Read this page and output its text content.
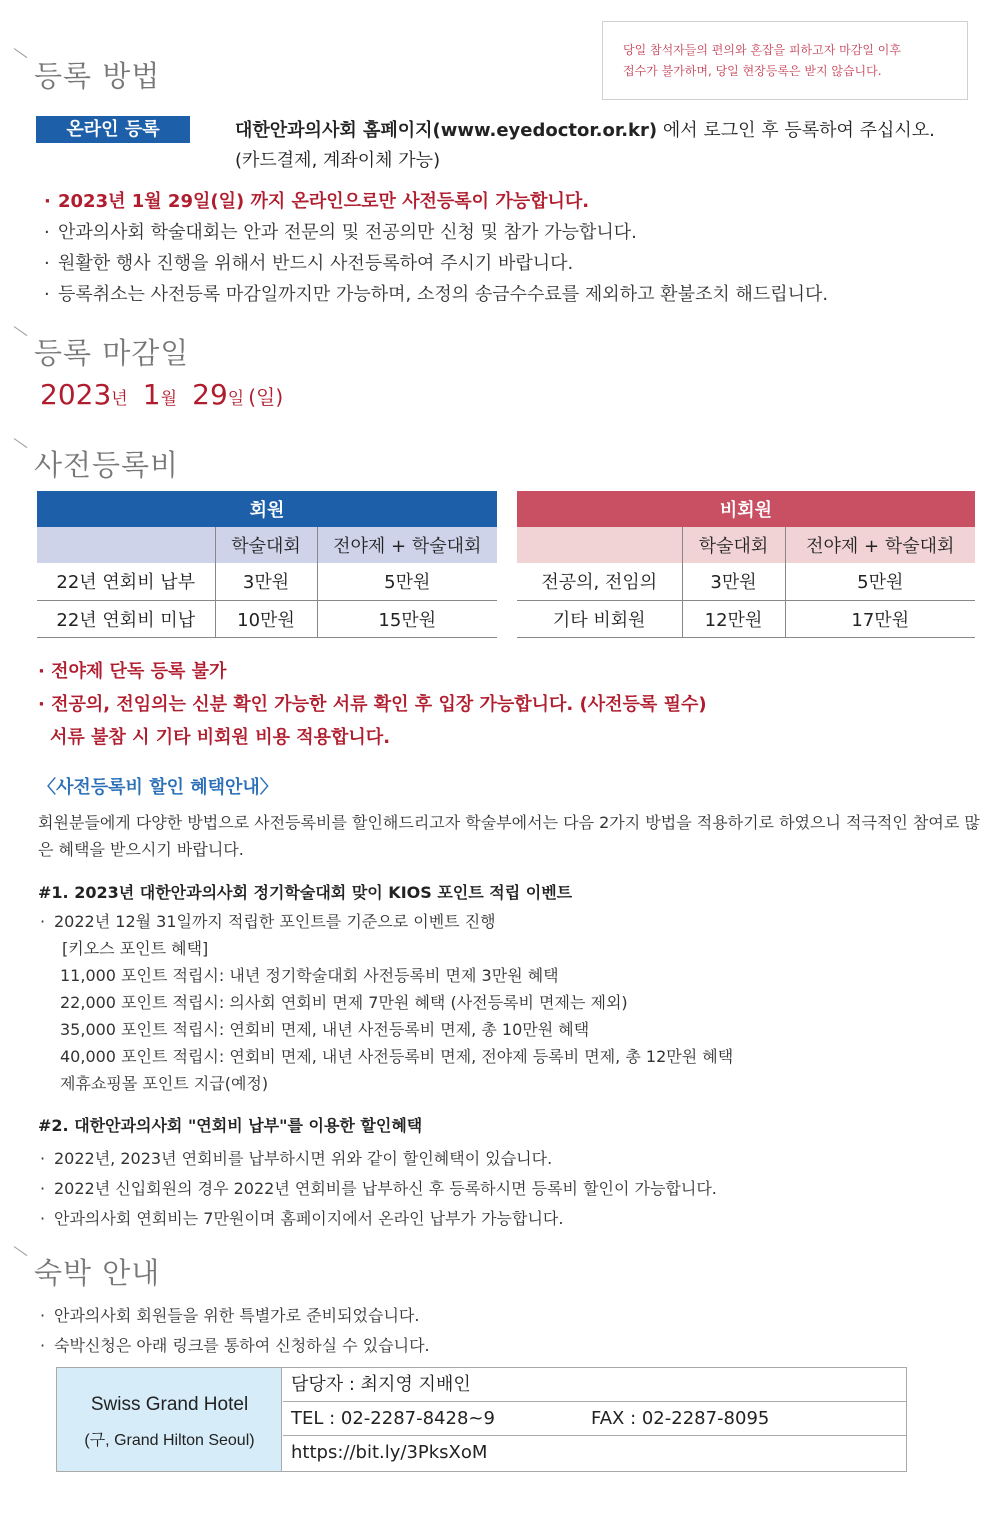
당일 참석자들의 편의와 혼잡을 피하고자 마감일 이후
접수가 불가하며, 당일 현장등록은 받지 않습니다.
등록 방법
온라인 등록	대한안과의사회 홈페이지(www.eyedoctor.or.kr) 에서 로그인 후 등록하여 주십시오.
(카드결제, 계좌이체 가능)
· 2023년 1월 29일(일) 까지 온라인으로만 사전등록이 가능합니다.
· 안과의사회 학술대회는 안과 전문의 및 전공의만 신청 및 참가 가능합니다.
· 원활한 행사 진행을 위해서 반드시 사전등록하여 주시기 바랍니다.
· 등록취소는 사전등록 마감일까지만 가능하며, 소정의 송금수수료를 제외하고 환불조치 해드립니다.
등록 마감일
2023년 1월 29일 (일)
사전등록비
회원		
	학술대회	전야제 + 학술대회
22년 연회비 납부	3만원	5만원
22년 연회비 미납	10만원	15만원
비회원		
	학술대회	전야제 + 학술대회
전공의, 전임의	3만원	5만원
기타 비회원	12만원	17만원
· 전야제 단독 등록 불가
· 전공의, 전임의는 신분 확인 가능한 서류 확인 후 입장 가능합니다. (사전등록 필수)
서류 불참 시 기타 비회원 비용 적용합니다.
〈사전등록비 할인 혜택안내〉
회원분들에게 다양한 방법으로 사전등록비를 할인해드리고자 학술부에서는 다음 2가지 방법을 적용하기로 하였으니 적극적인 참여로 많은 혜택을 받으시기 바랍니다.
#1. 2023년 대한안과의사회 정기학술대회 맞이 KIOS 포인트 적립 이벤트
· 2022년 12월 31일까지 적립한 포인트를 기준으로 이벤트 진행
[키오스 포인트 혜택]
11,000 포인트 적립시: 내년 정기학술대회 사전등록비 면제 3만원 혜택
22,000 포인트 적립시: 의사회 연회비 면제 7만원 혜택 (사전등록비 면제는 제외)
35,000 포인트 적립시: 연회비 면제, 내년 사전등록비 면제, 총 10만원 혜택
40,000 포인트 적립시: 연회비 면제, 내년 사전등록비 면제, 전야제 등록비 면제, 총 12만원 혜택
제휴쇼핑몰 포인트 지급(예정)
#2. 대한안과의사회 "연회비 납부"를 이용한 할인혜택
· 2022년, 2023년 연회비를 납부하시면 위와 같이 할인혜택이 있습니다.
· 2022년 신입회원의 경우 2022년 연회비를 납부하신 후 등록하시면 등록비 할인이 가능합니다.
· 안과의사회 연회비는 7만원이며 홈페이지에서 온라인 납부가 가능합니다.
숙박 안내
· 안과의사회 회원들을 위한 특별가로 준비되었습니다.
· 숙박신청은 아래 링크를 통하여 신청하실 수 있습니다.
Swiss Grand Hotel
(구, Grand Hilton Seoul)
담당자 : 최지영 지배인
TEL : 02-2287-8428~9	FAX : 02-2287-8095
https://bit.ly/3PksXoM
